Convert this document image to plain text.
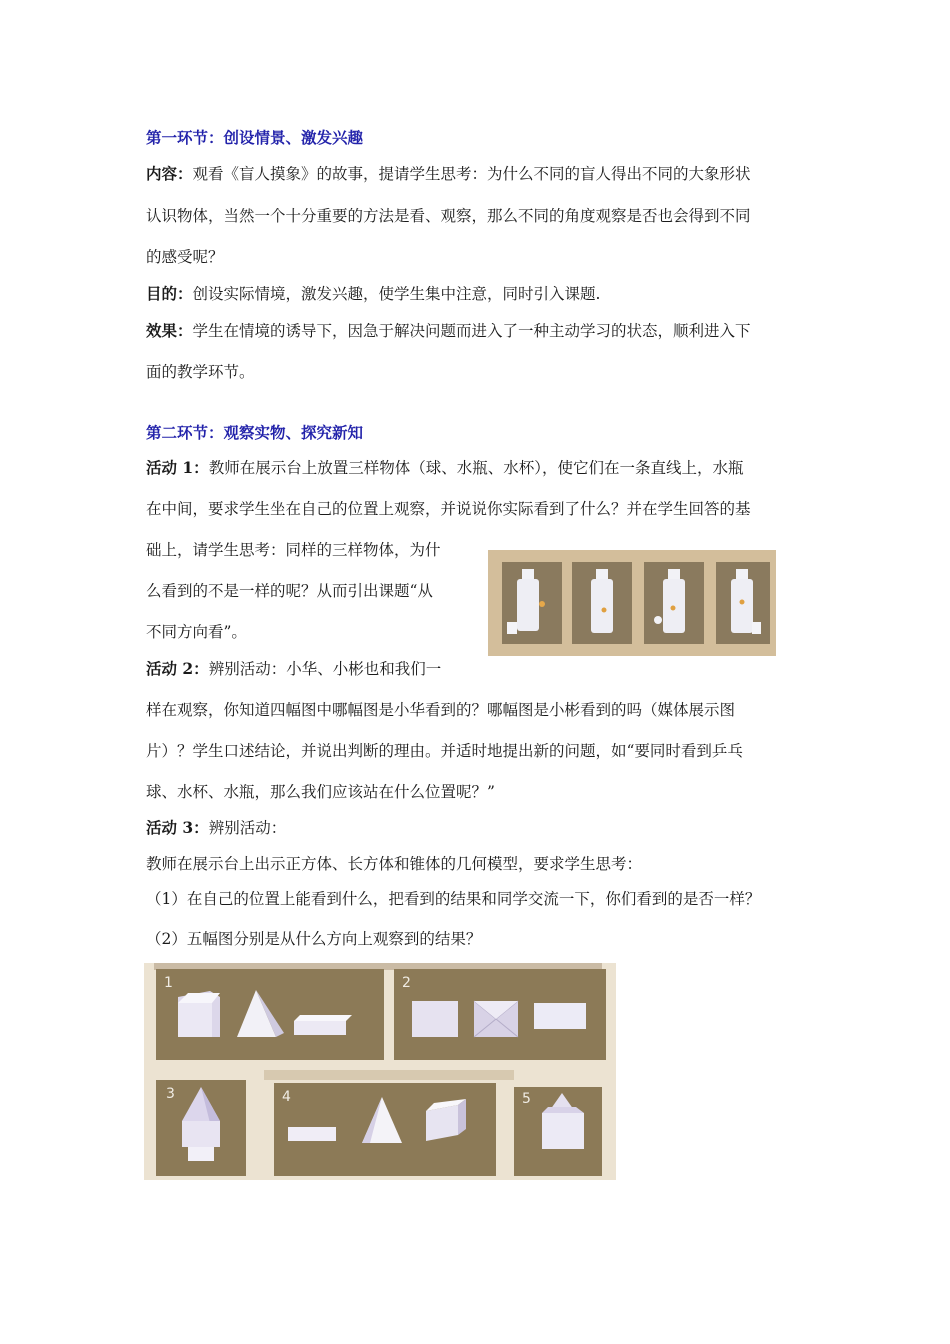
第一环节：创设情景、激发兴趣
内容：观看《盲人摸象》的故事，提请学生思考：为什么不同的盲人得出不同的大象形状
认识物体，当然一个十分重要的方法是看、观察，那么不同的角度观察是否也会得到不同
的感受呢？
目的：创设实际情境，激发兴趣，使学生集中注意，同时引入课题.
效果：学生在情境的诱导下，因急于解决问题而进入了一种主动学习的状态，顺利进入下
面的教学环节。
第二环节：观察实物、探究新知
活动 1：教师在展示台上放置三样物体（球、水瓶、水杯），使它们在一条直线上，水瓶
在中间，要求学生坐在自己的位置上观察，并说说你实际看到了什么？并在学生回答的基
础上，请学生思考：同样的三样物体，为什
么看到的不是一样的呢？从而引出课题“从
不同方向看”。
活动 2：辨别活动：小华、小彬也和我们一
样在观察，你知道四幅图中哪幅图是小华看到的？哪幅图是小彬看到的吗（媒体展示图
片）？学生口述结论，并说出判断的理由。并适时地提出新的问题，如“要同时看到乒乓
球、水杯、水瓶，那么我们应该站在什么位置呢？”
活动 3：辨别活动：
教师在展示台上出示正方体、长方体和锥体的几何模型，要求学生思考：
（1）在自己的位置上能看到什么，把看到的结果和同学交流一下，你们看到的是否一样？
（2）五幅图分别是从什么方向上观察到的结果？
1	2
3	4	5
